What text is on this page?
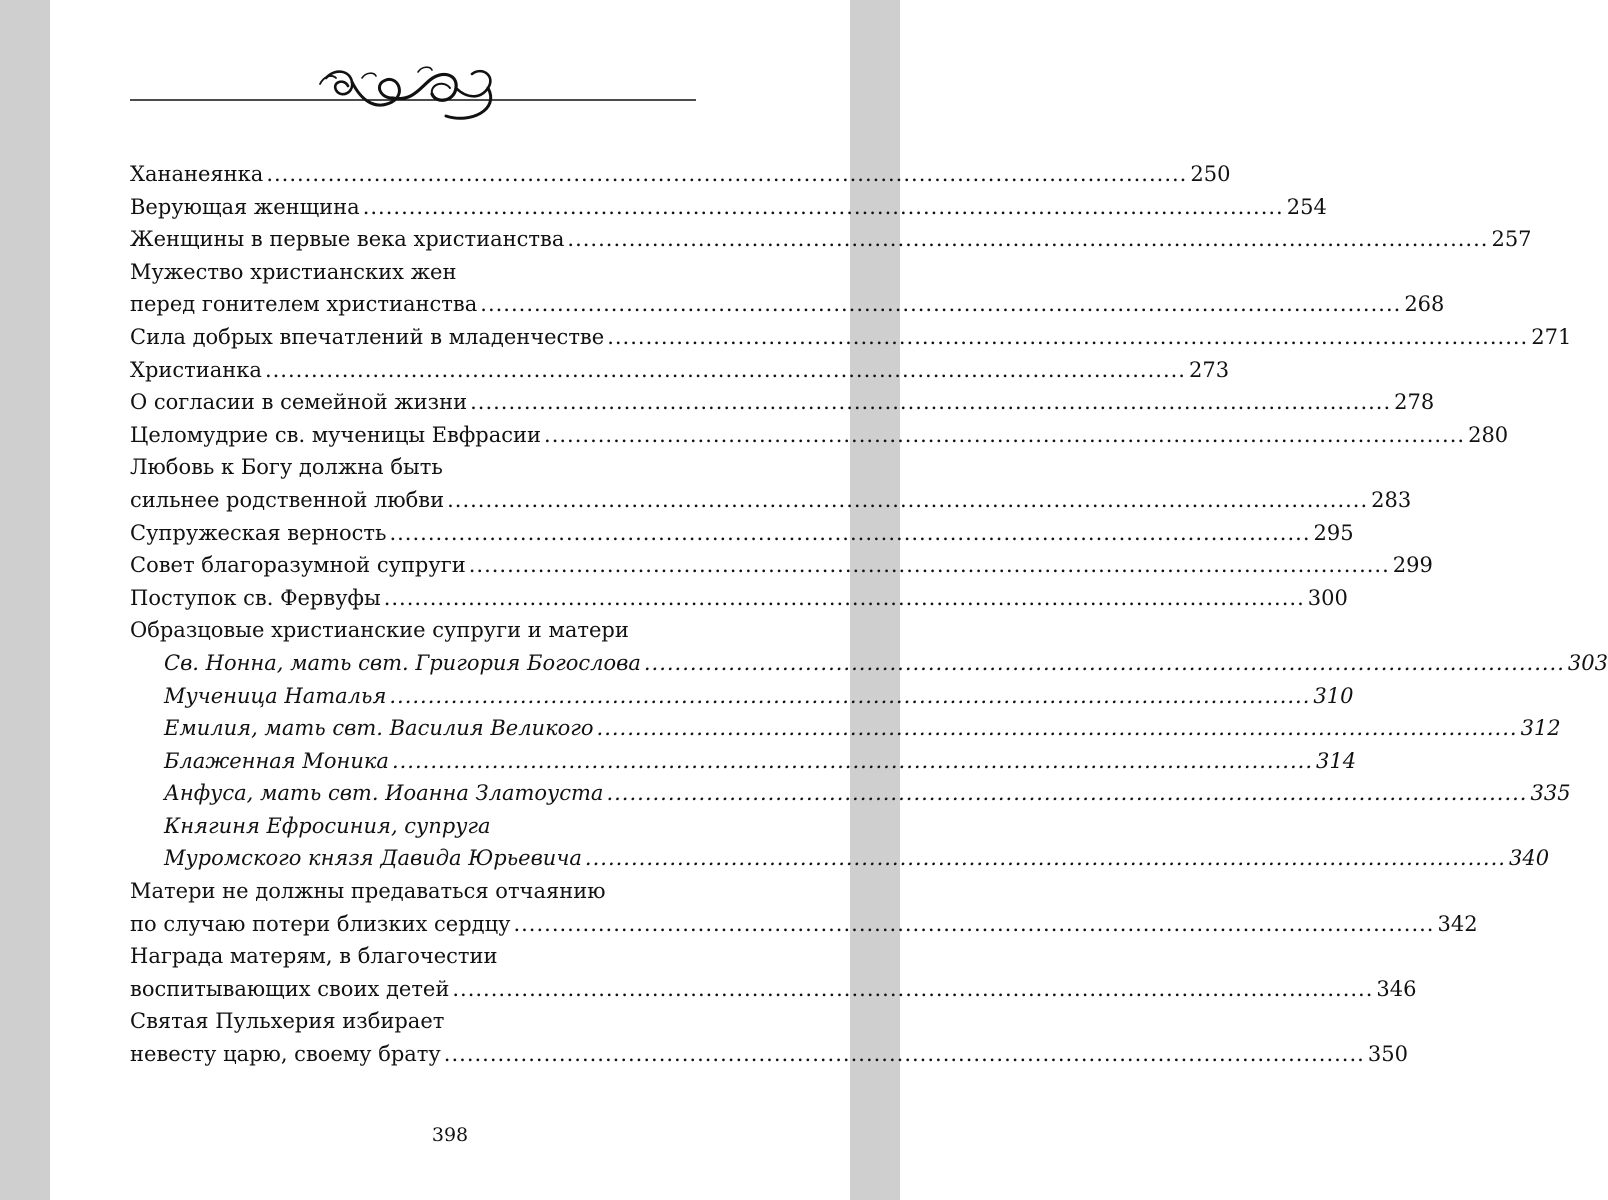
Хананеянка ........................................................................................................................ 250
Верующая женщина ........................................................................................................................ 254
Женщины в первые века христианства ........................................................................................................................ 257
Мужество христианских жен
перед гонителем христианства ........................................................................................................................ 268
Сила добрых впечатлений в младенчестве ........................................................................................................................ 271
Христианка ........................................................................................................................ 273
О согласии в семейной жизни ........................................................................................................................ 278
Целомудрие св. мученицы Евфрасии ........................................................................................................................ 280
Любовь к Богу должна быть
сильнее родственной любви ........................................................................................................................ 283
Супружеская верность ........................................................................................................................ 295
Совет благоразумной супруги ........................................................................................................................ 299
Поступок св. Фервуфы ........................................................................................................................ 300
Образцовые христианские супруги и матери
Св. Нонна, мать свт. Григория Богослова ........................................................................................................................ 303
Мученица Наталья ........................................................................................................................ 310
Емилия, мать свт. Василия Великого ........................................................................................................................ 312
Блаженная Моника ........................................................................................................................ 314
Анфуса, мать свт. Иоанна Златоуста ........................................................................................................................ 335
Княгиня Ефросиния, супруга
Муромского князя Давида Юрьевича ........................................................................................................................ 340
Матери не должны предаваться отчаянию
по случаю потери близких сердцу ........................................................................................................................ 342
Награда матерям, в благочестии
воспитывающих своих детей ........................................................................................................................ 346
Святая Пульхерия избирает
невесту царю, своему брату ........................................................................................................................ 350
398
